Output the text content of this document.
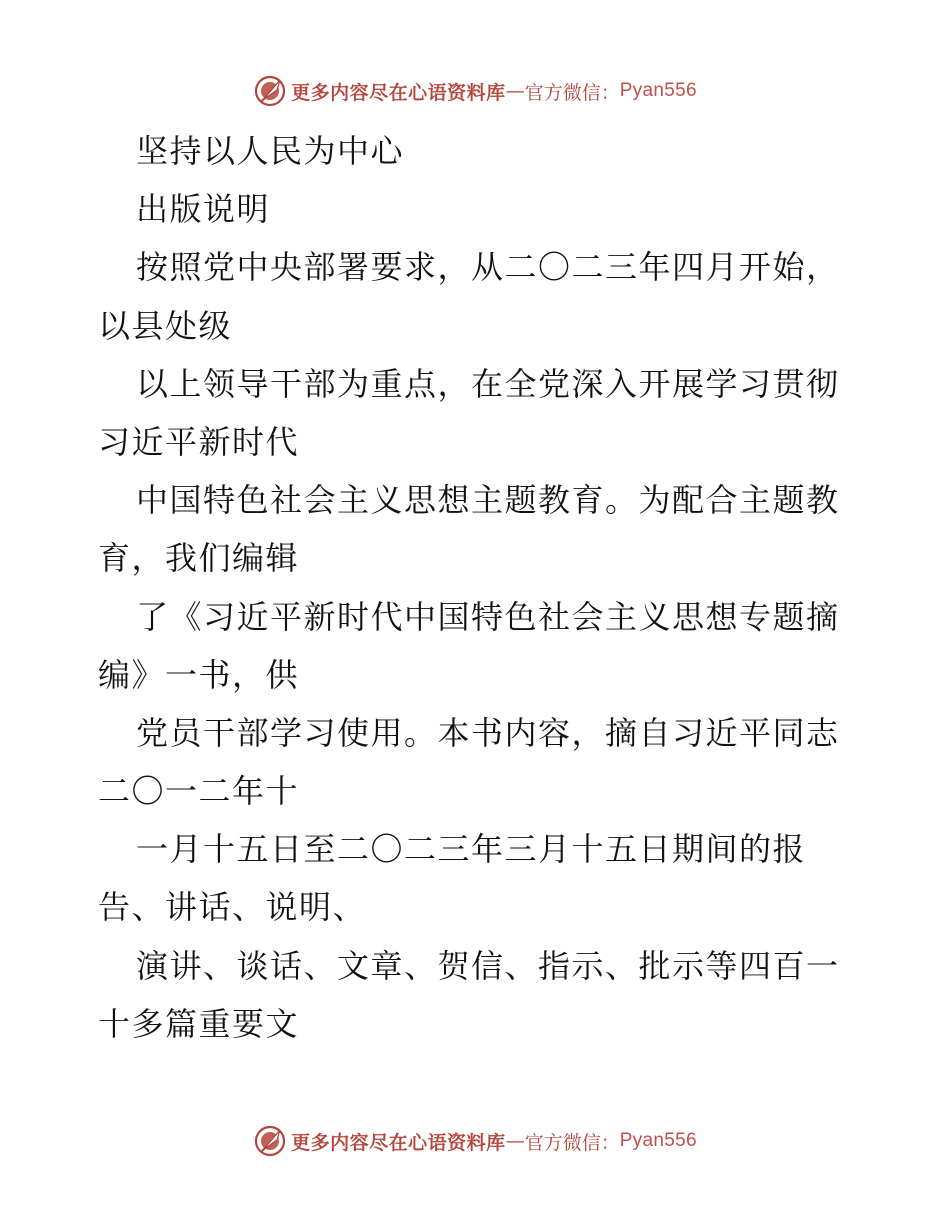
更多内容尽在心语资料库 — 官方微信： Pyan556
坚持以人民为中心
出版说明
按照党中央部署要求，从二〇二三年四月开始，
以县处级
以上领导干部为重点，在全党深入开展学习贯彻
习近平新时代
中国特色社会主义思想主题教育。为配合主题教
育，我们编辑
了《习近平新时代中国特色社会主义思想专题摘
编》一书，供
党员干部学习使用。本书内容，摘自习近平同志
二〇一二年十
一月十五日至二〇二三年三月十五日期间的报
告、讲话、说明、
演讲、谈话、文章、贺信、指示、批示等四百一
十多篇重要文
更多内容尽在心语资料库 — 官方微信： Pyan556
